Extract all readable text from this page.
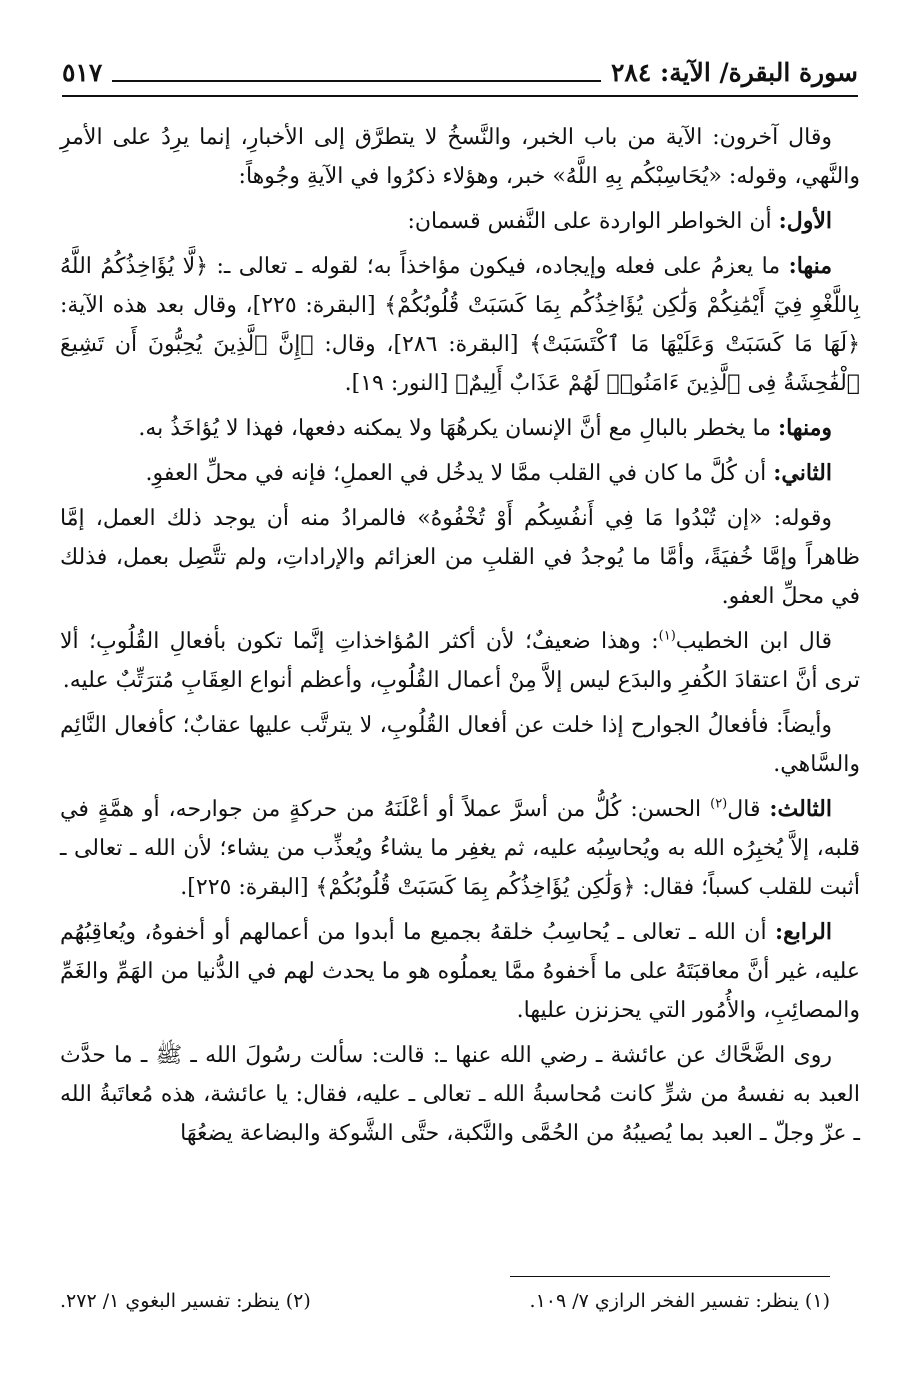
سورة البقرة/ الآية: ٢٨٤
٥١٧

وقال آخرون: الآية من باب الخبر، والنَّسخُ لا يتطرَّق إلى الأخبارِ، إنما يرِدُ على الأمرِ والنَّهي، وقوله: «يُحَاسِبْكُم بِهِ اللَّهُ» خبر، وهؤلاء ذكرُوا في الآيةِ وجُوهاً:

الأول: أن الخواطر الواردة على النَّفس قسمان:

منها: ما يعزمُ على فعله وإيجاده، فيكون مؤاخذاً به؛ لقوله ـ تعالى ـ: ﴿لَّا يُؤَاخِذُكُمُ اللَّهُ بِاللَّغْوِ فِيٓ أَيْمَٰنِكُمْ وَلَٰكِن يُؤَاخِذُكُم بِمَا كَسَبَتْ قُلُوبُكُمْ﴾ [البقرة: ٢٢٥]، وقال بعد هذه الآية: ﴿لَهَا مَا كَسَبَتْ وَعَلَيْهَا مَا ٱكْتَسَبَتْ﴾ [البقرة: ٢٨٦]، وقال: ﴿إِنَّ ٱلَّذِينَ يُحِبُّونَ أَن تَشِيعَ ٱلْفَٰحِشَةُ فِى ٱلَّذِينَ ءَامَنُوا۟ لَهُمْ عَذَابٌ أَلِيمٌ﴾ [النور: ١٩].

ومنها: ما يخطر بالبالِ مع أنَّ الإنسان يكرهُهَا ولا يمكنه دفعها، فهذا لا يُؤاخَذُ به.

الثاني: أن كُلَّ ما كان في القلب ممَّا لا يدخُل في العملِ؛ فإنه في محلِّ العفوِ.

وقوله: «إن تُبْدُوا مَا فِي أَنفُسِكُم أَوْ تُخْفُوهُ» فالمرادُ منه أن يوجد ذلك العمل، إمَّا ظاهراً وإمَّا خُفيَةً، وأمَّا ما يُوجدُ في القلبِ من العزائم والإراداتِ، ولم تتَّصِل بعمل، فذلك في محلِّ العفو.

قال ابن الخطيب$^{(١)}$: وهذا ضعيفٌ؛ لأن أكثر المُؤاخذاتِ إنَّما تكون بأفعالِ القُلُوبِ؛ ألا ترى أنَّ اعتقادَ الكُفرِ والبدَع ليس إلاَّ مِنْ أعمال القُلُوبِ، وأعظم أنواع العِقَابِ مُترَتِّبٌ عليه.

وأيضاً: فأفعالُ الجوارح إذا خلت عن أفعال القُلُوبِ، لا يترتَّب عليها عقابٌ؛ كأفعال النَّائِم والسَّاهي.

الثالث: قال$^{(٢)}$ الحسن: كُلُّ من أسرَّ عملاً أو أعْلَنَهُ من حركةٍ من جوارحه، أو همَّةٍ في قلبه، إلاَّ يُخبِرُه الله به ويُحاسِبُه عليه، ثم يغفِر ما يشاءُ ويُعذِّب من يشاء؛ لأن الله ـ تعالى ـ أثبت للقلب كسباً؛ فقال: ﴿وَلَٰكِن يُؤَاخِذُكُم بِمَا كَسَبَتْ قُلُوبُكُمْ﴾ [البقرة: ٢٢٥].

الرابع: أن الله ـ تعالى ـ يُحاسِبُ خلقهُ بجميع ما أبدوا من أعمالهم أو أخفوهُ، ويُعاقِبُهُم عليه، غير أنَّ معاقبَتَهُ على ما أَخفوهُ ممَّا يعملُوه هو ما يحدث لهم في الدُّنيا من الهَمِّ والغَمِّ والمصائِبِ، والأُمُور التي يحزنزن عليها.

روى الضَّحَّاك عن عائشة ـ رضي الله عنها ـ: قالت: سألت رسُولَ الله ـ ﷺ ـ ما حدَّث العبد به نفسهُ من شرٍّ كانت مُحاسبةُ الله ـ تعالى ـ عليه، فقال: يا عائشة، هذه مُعاتَبةُ الله ـ عزّ وجلّ ـ العبد بما يُصيبُهُ من الحُمَّى والنَّكبة، حتَّى الشَّوكة والبضاعة يضعُهَا

(١) ينظر: تفسير الفخر الرازي ٧/ ١٠٩.
(٢) ينظر: تفسير البغوي ١/ ٢٧٢.
